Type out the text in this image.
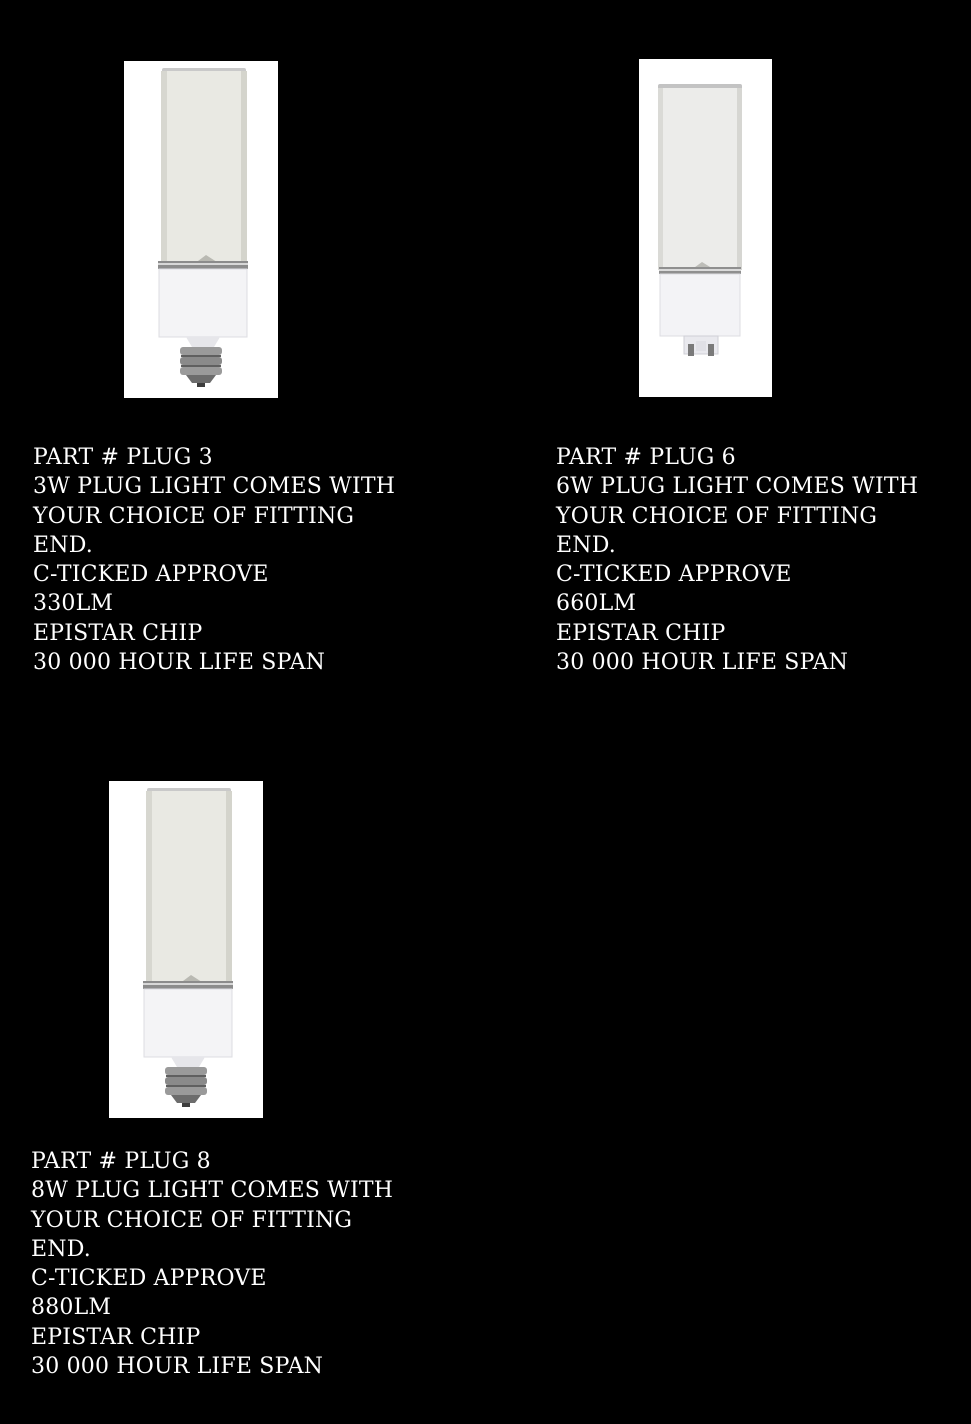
PART # PLUG 3
3W PLUG LIGHT COMES WITH
YOUR CHOICE OF FITTING
END.
C-TICKED APPROVE
330LM
EPISTAR CHIP
30 000 HOUR LIFE SPAN
PART # PLUG 6
6W PLUG LIGHT COMES WITH
YOUR CHOICE OF FITTING
END.
C-TICKED APPROVE
660LM
EPISTAR CHIP
30 000 HOUR LIFE SPAN
PART # PLUG 8
8W PLUG LIGHT COMES WITH
YOUR CHOICE OF FITTING
END.
C-TICKED APPROVE
880LM
EPISTAR CHIP
30 000 HOUR LIFE SPAN
